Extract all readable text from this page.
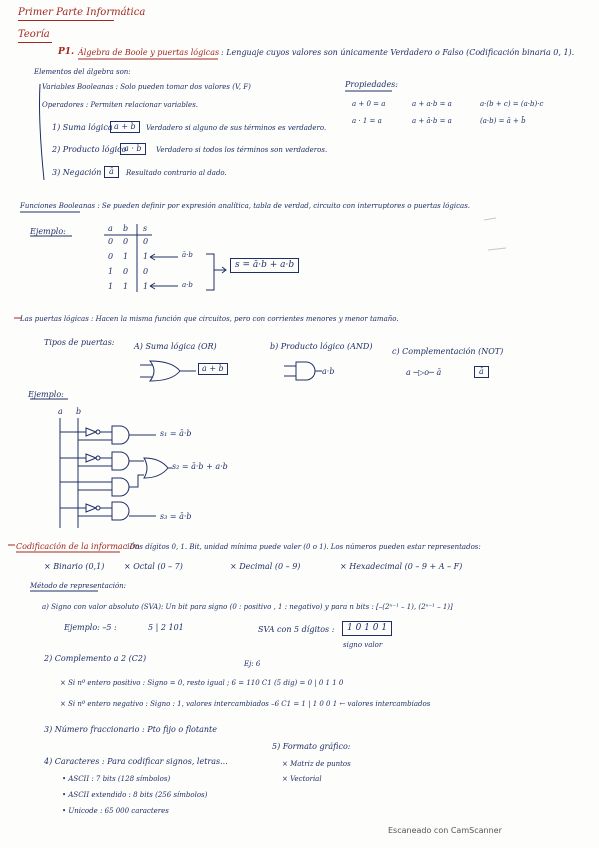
Primer Parte Informática
Teoría
P1. Álgebra de Boole y puertas lógicas : Lenguaje cuyos valores son únicamente Verdadero o Falso (Codificación binaria 0, 1).
Elementos del álgebra son:
Variables Booleanas : Solo pueden tomar dos valores (V, F)
Operadores : Permiten relacionar variables.
1) Suma lógica a + b	Verdadero si alguno de sus términos es verdadero.
2) Producto lógico
a · b	Verdadero si todos los términos son verdaderos.
3) Negación ā	Resultado contrario al dado.
Propiedades:
a + 0 = a	a + a·b = a	a·(b + c) = (a·b)·c
a · 1 = a	a + ā·b = a	(a·b) = ā + b̄
Funciones Booleanas : Se pueden definir por expresión analítica, tabla de verdad, circuito con interruptores o puertas lógicas.
Ejemplo:	a b s
0 0 0
0 1 1
1 0 0
1 1 1
ā·b
a·b
s = ā·b + a·b
Las puertas lógicas : Hacen la misma función que circuitos, pero con corrientes menores y menor tamaño.
Tipos de puertas: A) Suma lógica (OR)
a + b
b) Producto lógico (AND)
a·b
c) Complementación (NOT)
a ─▷o─ ā	ā
Ejemplo:
a b
s₁ = ā·b
s₂ = ā·b + a·b
s₃ = ā·b
Codificación de la información
: Dos dígitos 0, 1. Bit, unidad mínima puede valer (0 o 1). Los números pueden estar representados:
× Binario (0,1) × Octal (0 – 7)	× Decimal (0 – 9)	× Hexadecimal (0 – 9 + A – F)
Método de representación:
a) Signo con valor absoluto (SVA): Un bit para signo (0 : positivo , 1 : negativo) y para n bits : [–(2ⁿ⁻¹ – 1), (2ⁿ⁻¹ – 1)]
Ejemplo: –5 :	5 | 2 101	SVA con 5 dígitos :	1 0 1 0 1
signo valor
2) Complemento a 2 (C2)
Ej: 6
× Si nº entero positivo : Signo = 0, resto igual ; 6 = 110 C1 (5 dig) = 0 | 0 1 1 0
× Si nº entero negativo : Signo : 1, valores intercambiados –6 C1 = 1 | 1 0 0 1 ← valores intercambiados
3) Número fraccionario : Pto fijo o flotante
4) Caracteres : Para codificar signos, letras...
• ASCII : 7 bits (128 símbolos)
• ASCII extendido : 8 bits (256 símbolos)
• Unicode : 65 000 caracteres
5) Formato gráfico:
× Matriz de puntos
× Vectorial
Escaneado con CamScanner
